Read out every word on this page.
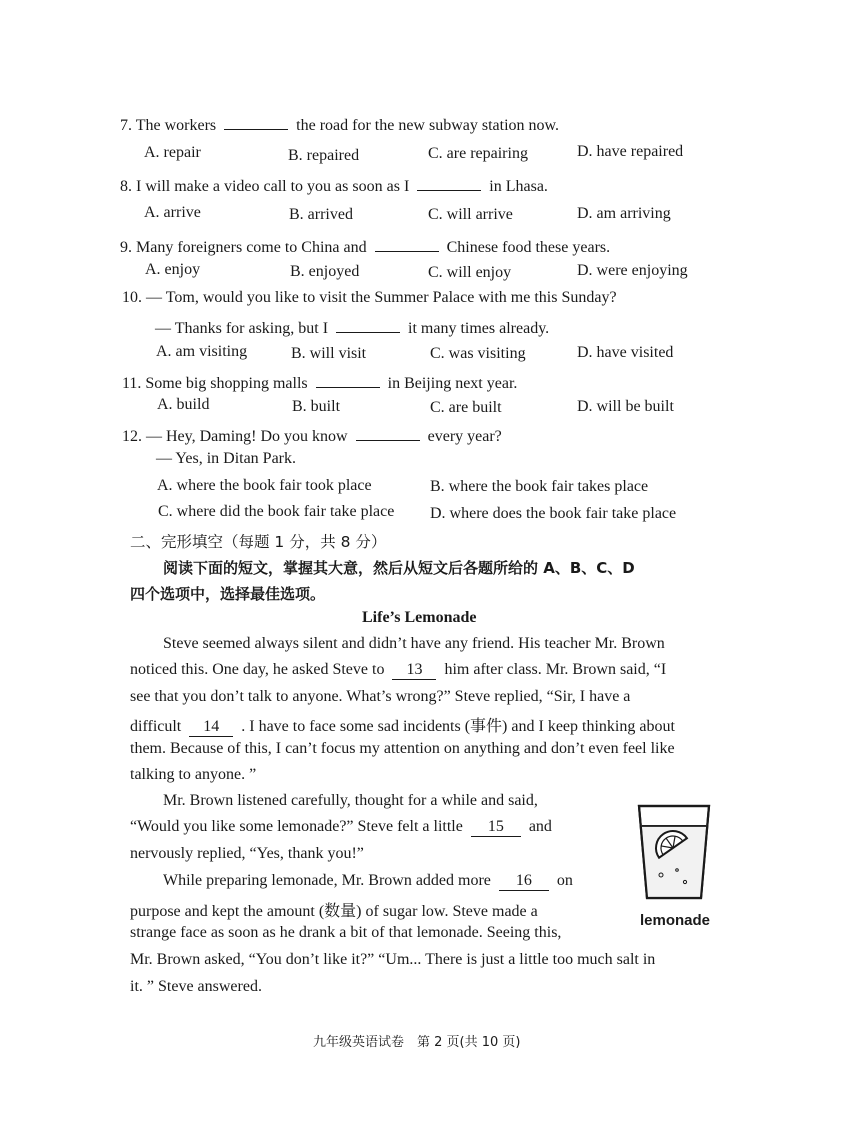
7. The workers	the road for the new subway station now.
A. repair	B. repaired	C. are repairing	D. have repaired
8. I will make a video call to you as soon as I	in Lhasa.
A. arrive	B. arrived	C. will arrive	D. am arriving
9. Many foreigners come to China and	Chinese food these years.
A. enjoy	B. enjoyed	C. will enjoy	D. were enjoying
10. — Tom, would you like to visit the Summer Palace with me this Sunday?
— Thanks for asking, but I	it many times already.
A. am visiting	B. will visit	C. was visiting	D. have visited
11. Some big shopping malls	in Beijing next year.
A. build	B. built	C. are built	D. will be built
12. — Hey, Daming! Do you know	every year?
— Yes, in Ditan Park.
A. where the book fair took place	B. where the book fair takes place
C. where did the book fair take place D. where does the book fair take place
二、完形填空（每题 1 分，共 8 分）
阅读下面的短文，掌握其大意，然后从短文后各题所给的 A、B、C、D
四个选项中，选择最佳选项。
Life’s Lemonade
Steve seemed always silent and didn’t have any friend. His teacher Mr. Brown
noticed this. One day, he asked Steve to 13 him after class. Mr. Brown said, “I
see that you don’t talk to anyone. What’s wrong?” Steve replied, “Sir, I have a
difficult 14 . I have to face some sad incidents (事件) and I keep thinking about
them. Because of this, I can’t focus my attention on anything and don’t even feel like
talking to anyone. ”
Mr. Brown listened carefully, thought for a while and said,
“Would you like some lemonade?” Steve felt a little 15 and
nervously replied, “Yes, thank you!”
While preparing lemonade, Mr. Brown added more 16 on
purpose and kept the amount (数量) of sugar low. Steve made a
strange face as soon as he drank a bit of that lemonade. Seeing this,
Mr. Brown asked, “You don’t like it?” “Um... There is just a little too much salt in
it. ” Steve answered.
lemonade
九年级英语试卷　第 2 页(共 10 页)
